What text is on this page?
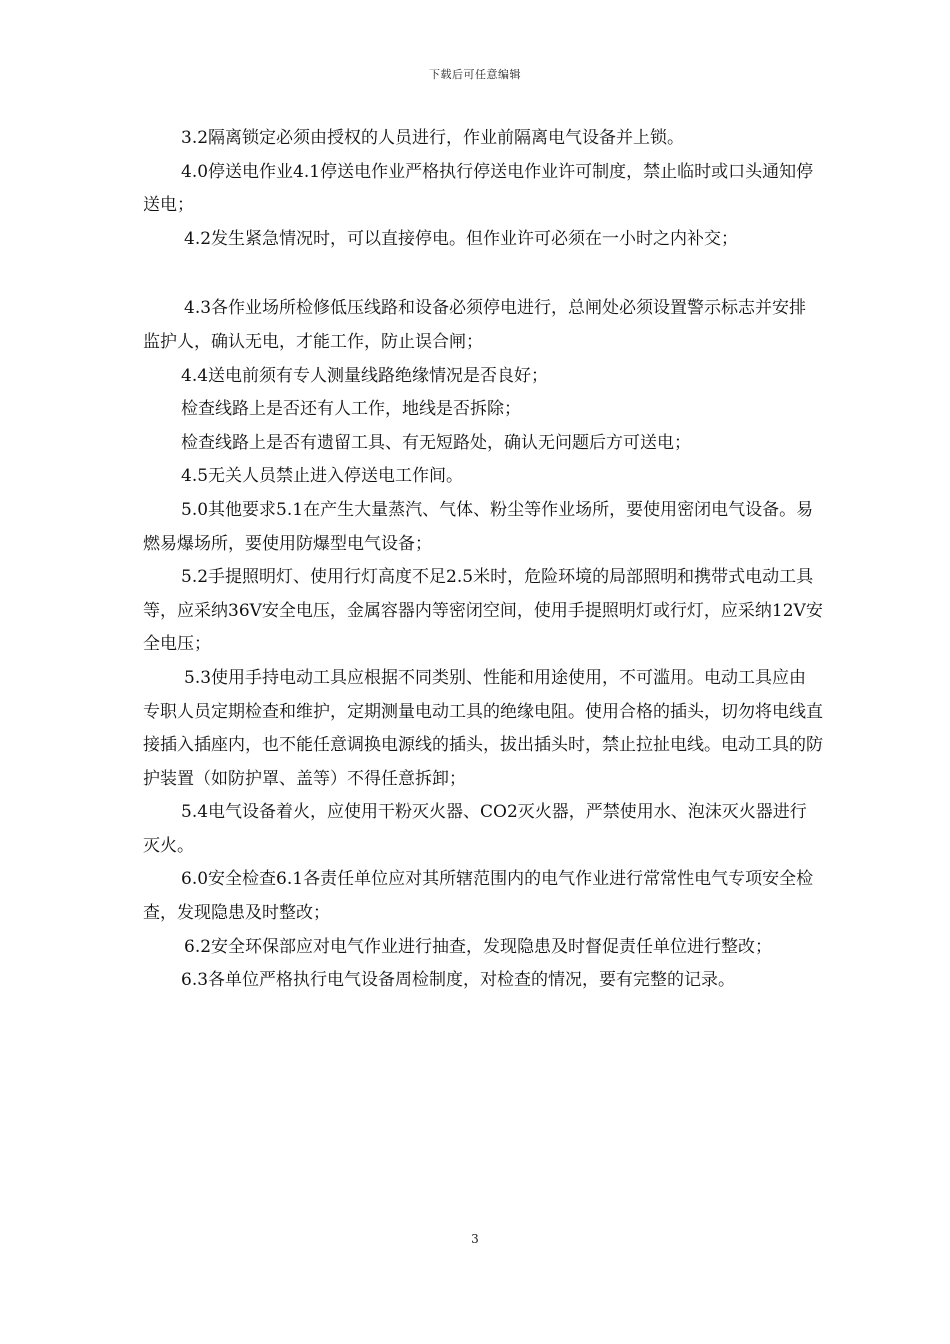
下载后可任意编辑

3.2隔离锁定必须由授权的人员进行，作业前隔离电气设备并上锁。

4.0停送电作业4.1停送电作业严格执行停送电作业许可制度，禁止临时或口头通知停送电；

4.2发生紧急情况时，可以直接停电。但作业许可必须在一小时之内补交；

4.3各作业场所检修低压线路和设备必须停电进行，总闸处必须设置警示标志并安排监护人，确认无电，才能工作，防止误合闸；

4.4送电前须有专人测量线路绝缘情况是否良好；

检查线路上是否还有人工作，地线是否拆除；

检查线路上是否有遗留工具、有无短路处，确认无问题后方可送电；

4.5无关人员禁止进入停送电工作间。

5.0其他要求5.1在产生大量蒸汽、气体、粉尘等作业场所，要使用密闭电气设备。易燃易爆场所，要使用防爆型电气设备；

5.2手提照明灯、使用行灯高度不足2.5米时，危险环境的局部照明和携带式电动工具等，应采纳36V安全电压，金属容器内等密闭空间，使用手提照明灯或行灯，应采纳12V安全电压；

5.3使用手持电动工具应根据不同类别、性能和用途使用，不可滥用。电动工具应由专职人员定期检查和维护，定期测量电动工具的绝缘电阻。使用合格的插头，切勿将电线直接插入插座内，也不能任意调换电源线的插头，拔出插头时，禁止拉扯电线。电动工具的防护装置（如防护罩、盖等）不得任意拆卸；

5.4电气设备着火，应使用干粉灭火器、CO2灭火器，严禁使用水、泡沫灭火器进行灭火。

6.0安全检查6.1各责任单位应对其所辖范围内的电气作业进行常常性电气专项安全检查，发现隐患及时整改；

6.2安全环保部应对电气作业进行抽查，发现隐患及时督促责任单位进行整改；

6.3各单位严格执行电气设备周检制度，对检查的情况，要有完整的记录。

3
